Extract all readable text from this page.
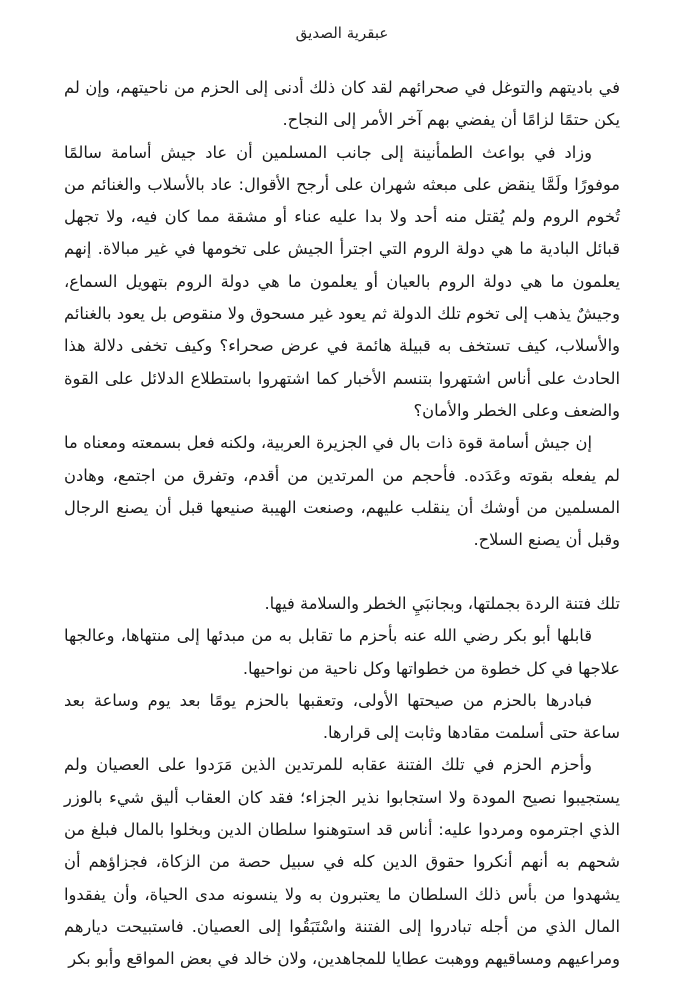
عبقرية الصديق

في باديتهم والتوغل في صحرائهم لقد كان ذلك أدنى إلى الحزم من ناحيتهم، وإن لم يكن حتمًا لزامًا أن يفضي بهم آخر الأمر إلى النجاح.

وزاد في بواعث الطمأنينة إلى جانب المسلمين أن عاد جيش أسامة سالمًا موفورًا ولَمَّا ينقض على مبعثه شهران على أرجح الأقوال: عاد بالأسلاب والغنائم من تُخوم الروم ولم يُقتل منه أحد ولا بدا عليه عناء أو مشقة مما كان فيه، ولا تجهل قبائل البادية ما هي دولة الروم التي اجترأ الجيش على تخومها في غير مبالاة. إنهم يعلمون ما هي دولة الروم بالعيان أو يعلمون ما هي دولة الروم بتهويل السماع، وجيشٌ يذهب إلى تخوم تلك الدولة ثم يعود غير مسحوق ولا منقوص بل يعود بالغنائم والأسلاب، كيف تستخف به قبيلة هائمة في عرض صحراء؟ وكيف تخفى دلالة هذا الحادث على أناس اشتهروا بتنسم الأخبار كما اشتهروا باستطلاع الدلائل على القوة والضعف وعلى الخطر والأمان؟

إن جيش أسامة قوة ذات بال في الجزيرة العربية، ولكنه فعل بسمعته ومعناه ما لم يفعله بقوته وعَدَده. فأحجم من المرتدين من أقدم، وتفرق من اجتمع، وهادن المسلمين من أوشك أن ينقلب عليهم، وصنعت الهيبة صنيعها قبل أن يصنع الرجال وقبل أن يصنع السلاح.

تلك فتنة الردة بجملتها، وبجانبَيِ الخطر والسلامة فيها.

قابلها أبو بكر رضي الله عنه بأحزم ما تقابل به من مبدئها إلى منتهاها، وعالجها علاجها في كل خطوة من خطواتها وكل ناحية من نواحيها.

فبادرها بالحزم من صيحتها الأولى، وتعقبها بالحزم يومًا بعد يوم وساعة بعد ساعة حتى أسلمت مقادها وثابت إلى قرارها.

وأحزم الحزم في تلك الفتنة عقابه للمرتدين الذين مَرَدوا على العصيان ولم يستجيبوا نصيح المودة ولا استجابوا نذير الجزاء؛ فقد كان العقاب أليق شيء بالوزر الذي اجترموه ومردوا عليه: أناس قد استوهنوا سلطان الدين وبخلوا بالمال فبلغ من شحهم به أنهم أنكروا حقوق الدين كله في سبيل حصة من الزكاة، فجزاؤهم أن يشهدوا من بأس ذلك السلطان ما يعتبرون به ولا ينسونه مدى الحياة، وأن يفقدوا المال الذي من أجله تبادروا إلى الفتنة واسْتَبَقُوا إلى العصيان. فاستبيحت ديارهم ومراعيهم ومساقيهم ووهبت عطايا للمجاهدين، ولان خالد في بعض المواقع وأبو بكر
